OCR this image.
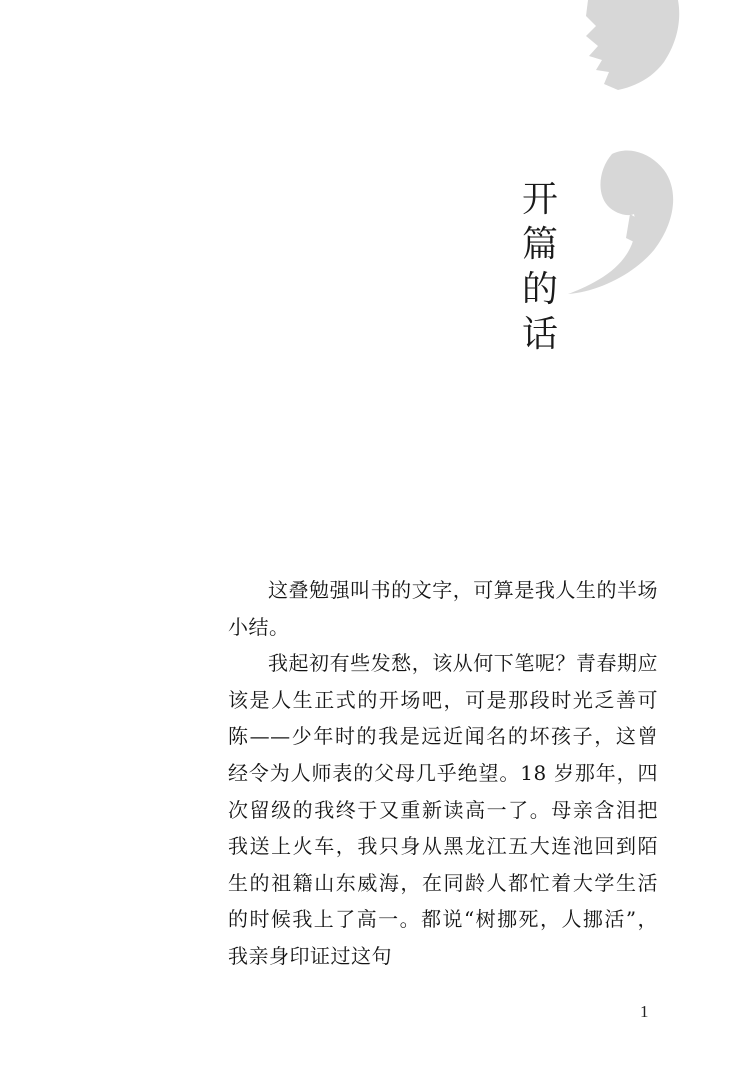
开
篇
的
话

这叠勉强叫书的文字，可算是我人生的半场小结。

我起初有些发愁，该从何下笔呢？青春期应该是人生正式的开场吧，可是那段时光乏善可陈——少年时的我是远近闻名的坏孩子，这曾经令为人师表的父母几乎绝望。18 岁那年，四次留级的我终于又重新读高一了。母亲含泪把我送上火车，我只身从黑龙江五大连池回到陌生的祖籍山东威海，在同龄人都忙着大学生活的时候我上了高一。都说“树挪死，人挪活”，我亲身印证过这句

1
